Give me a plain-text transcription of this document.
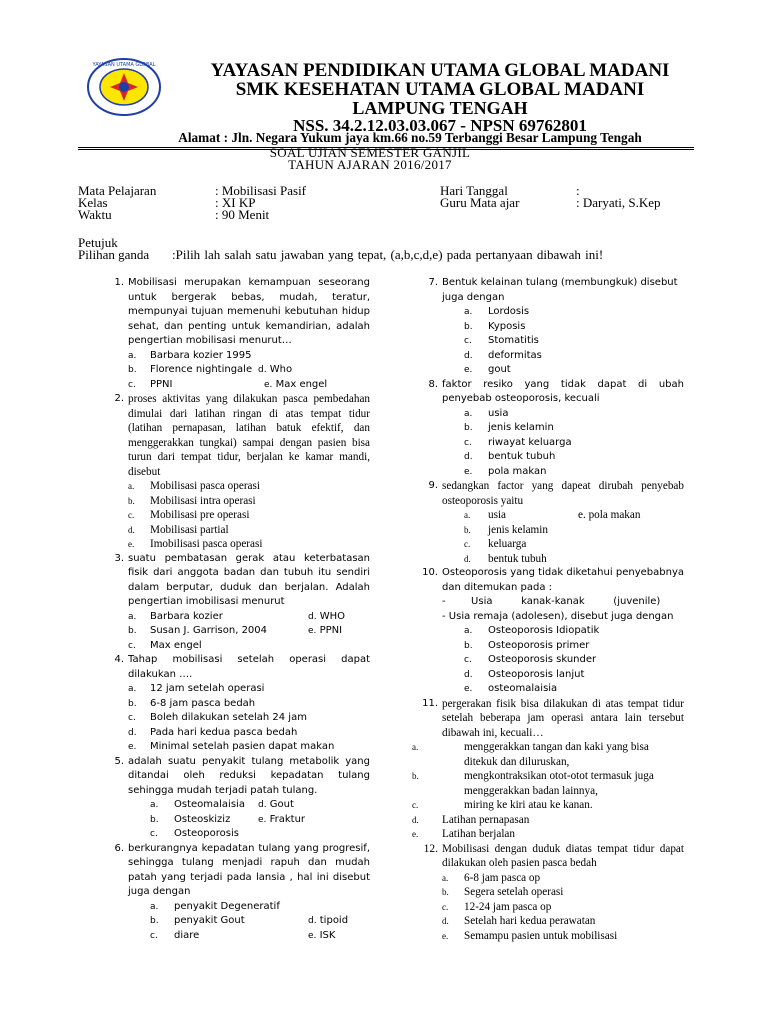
YAYASAN UTAMA GLOBAL	YAYASAN PENDIDIKAN UTAMA GLOBAL MADANI
SMK KESEHATAN UTAMA GLOBAL MADANI
LAMPUNG TENGAH
NSS. 34.2.12.03.03.067 - NPSN 69762801
Alamat : Jln. Negara Yukum jaya km.66 no.59 Terbanggi Besar Lampung Tengah
SOAL UJIAN SEMESTER GANJIL
TAHUN AJARAN 2016/2017
Mata Pelajaran	: Mobilisasi Pasif
Kelas	: XI KP
Waktu	: 90 Menit
Hari Tanggal	:
Guru Mata ajar	: Daryati, S.Kep
Petujuk
Pilihan ganda :Pilih lah salah satu jawaban yang tepat, (a,b,c,d,e) pada pertanyaan dibawah ini!
1. Mobilisasi merupakan kemampuan seseorang untuk bergerak bebas, mudah, teratur, mempunyai tujuan memenuhi kebutuhan hidup sehat, dan penting untuk kemandirian, adalah pengertian mobilisasi menurut…
a. Barbara kozier 1995
b. Florence nightingale d. Who
c. PPNI	e. Max engel
2. proses aktivitas yang dilakukan pasca pembedahan dimulai dari latihan ringan di atas tempat tidur (latihan pernapasan, latihan batuk efektif, dan menggerakkan tungkai) sampai dengan pasien bisa turun dari tempat tidur, berjalan ke kamar mandi, disebut
a. Mobilisasi pasca operasi
b. Mobilisasi intra operasi
c. Mobilisasi pre operasi
d. Mobilisasi partial
e. Imobilisasi pasca operasi
3. suatu pembatasan gerak atau keterbatasan fisik dari anggota badan dan tubuh itu sendiri dalam berputar, duduk dan berjalan. Adalah pengertian imobilisasi menurut
a. Barbara kozier	d. WHO
b. Susan J. Garrison, 2004	e. PPNI
c. Max engel
4. Tahap mobilisasi setelah operasi dapat dilakukan ….
a. 12 jam setelah operasi
b. 6-8 jam pasca bedah
c. Boleh dilakukan setelah 24 jam
d. Pada hari kedua pasca bedah
e. Minimal setelah pasien dapat makan
5. adalah suatu penyakit tulang metabolik yang ditandai oleh reduksi kepadatan tulang sehingga mudah terjadi patah tulang.
a. Osteomalaisia d. Gout
b. Osteoskiziz	e. Fraktur
c. Osteoporosis
6. berkurangnya kepadatan tulang yang progresif, sehingga tulang menjadi rapuh dan mudah patah yang terjadi pada lansia , hal ini disebut juga dengan
a. penyakit Degeneratif
b. penyakit Gout	d. tipoid
c. diare	e. ISK
7. Bentuk kelainan tulang (membungkuk) disebut juga dengan
a. Lordosis
b. Kyposis
c. Stomatitis
d. deformitas
e. gout
8. faktor resiko yang tidak dapat di ubah penyebab osteoporosis, kecuali
a. usia
b. jenis kelamin
c. riwayat keluarga
d. bentuk tubuh
e. pola makan
9. sedangkan factor yang dapeat dirubah penyebab osteoporosis yaitu
a. usia	e. pola makan
b. jenis kelamin
c. keluarga
d. bentuk tubuh
10. Osteoporosis yang tidak diketahui penyebabnya dan ditemukan pada :
-        Usia         kanak-kanak         (juvenile)
- Usia remaja (adolesen), disebut juga dengan
a. Osteoporosis Idiopatik
b. Osteoporosis primer
c. Osteoporosis skunder
d. Osteoporosis lanjut
e. osteomalaisia
11. pergerakan fisik bisa dilakukan di atas tempat tidur setelah beberapa jam operasi antara lain tersebut dibawah ini, kecuali…
a.	menggerakkan tangan dan kaki yang bisa ditekuk dan diluruskan,
b.	mengkontraksikan otot-otot termasuk juga menggerakkan badan lainnya,
c.	miring ke kiri atau ke kanan.
d. Latihan pernapasan
e. Latihan berjalan
12. Mobilisasi dengan duduk diatas tempat tidur dapat dilakukan oleh pasien pasca bedah
a. 6-8 jam pasca op
b. Segera setelah operasi
c. 12-24 jam pasca op
d. Setelah hari kedua perawatan
e. Semampu pasien untuk mobilisasi
